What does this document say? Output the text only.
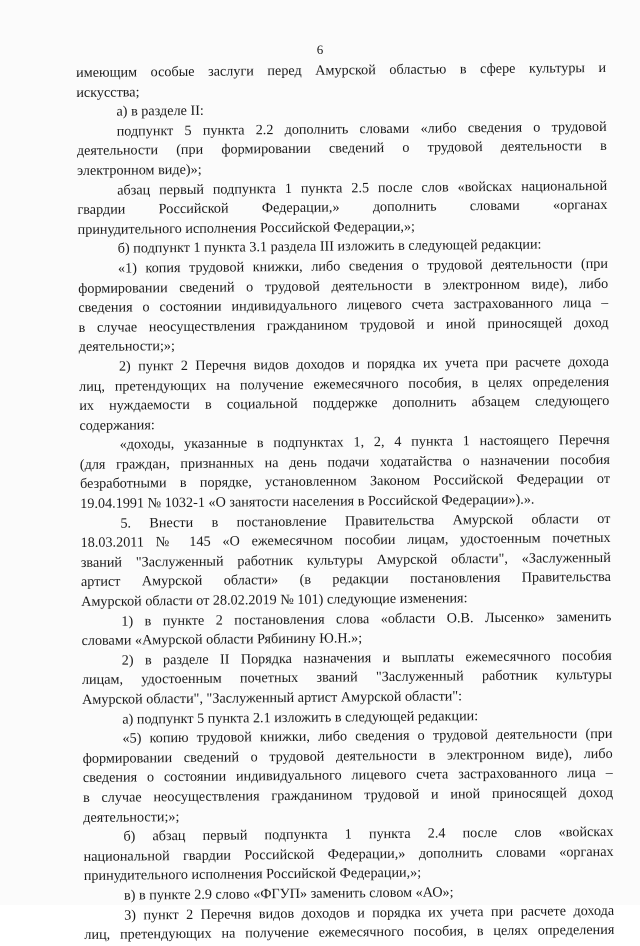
6
имеющим особые заслуги перед Амурской областью в сфере культуры и
искусства;
а) в разделе II:
подпункт 5 пункта 2.2 дополнить словами «либо сведения о трудовой
деятельности (при формировании сведений о трудовой деятельности в
электронном виде)»;
абзац первый подпункта 1 пункта 2.5 после слов «войсках национальной
гвардии Российской Федерации,» дополнить словами «органах
принудительного исполнения Российской Федерации,»;
б) подпункт 1 пункта 3.1 раздела III изложить в следующей редакции:
«1) копия трудовой книжки, либо сведения о трудовой деятельности (при
формировании сведений о трудовой деятельности в электронном виде), либо
сведения о состоянии индивидуального лицевого счета застрахованного лица –
в случае неосуществления гражданином трудовой и иной приносящей доход
деятельности;»;
2) пункт 2 Перечня видов доходов и порядка их учета при расчете дохода
лиц, претендующих на получение ежемесячного пособия, в целях определения
их нуждаемости в социальной поддержке дополнить абзацем следующего
содержания:
«доходы, указанные в подпунктах 1, 2, 4 пункта 1 настоящего Перечня
(для граждан, признанных на день подачи ходатайства о назначении пособия
безработными в порядке, установленном Законом Российской Федерации от
19.04.1991 № 1032-1 «О занятости населения в Российской Федерации»).».
5. Внести в постановление Правительства Амурской области от
18.03.2011 № 145 «О ежемесячном пособии лицам, удостоенным почетных
званий "Заслуженный работник культуры Амурской области", «Заслуженный
артист Амурской области» (в редакции постановления Правительства
Амурской области от 28.02.2019 № 101) следующие изменения:
1) в пункте 2 постановления слова «области О.В. Лысенко» заменить
словами «Амурской области Рябинину Ю.Н.»;
2) в разделе II Порядка назначения и выплаты ежемесячного пособия
лицам, удостоенным почетных званий "Заслуженный работник культуры
Амурской области", "Заслуженный артист Амурской области":
а) подпункт 5 пункта 2.1 изложить в следующей редакции:
«5) копию трудовой книжки, либо сведения о трудовой деятельности (при
формировании сведений о трудовой деятельности в электронном виде), либо
сведения о состоянии индивидуального лицевого счета застрахованного лица –
в случае неосуществления гражданином трудовой и иной приносящей доход
деятельности;»;
б) абзац первый подпункта 1 пункта 2.4 после слов «войсках
национальной гвардии Российской Федерации,» дополнить словами «органах
принудительного исполнения Российской Федерации,»;
в) в пункте 2.9 слово «ФГУП» заменить словом «АО»;
3) пункт 2 Перечня видов доходов и порядка их учета при расчете дохода
лиц, претендующих на получение ежемесячного пособия, в целях определения
